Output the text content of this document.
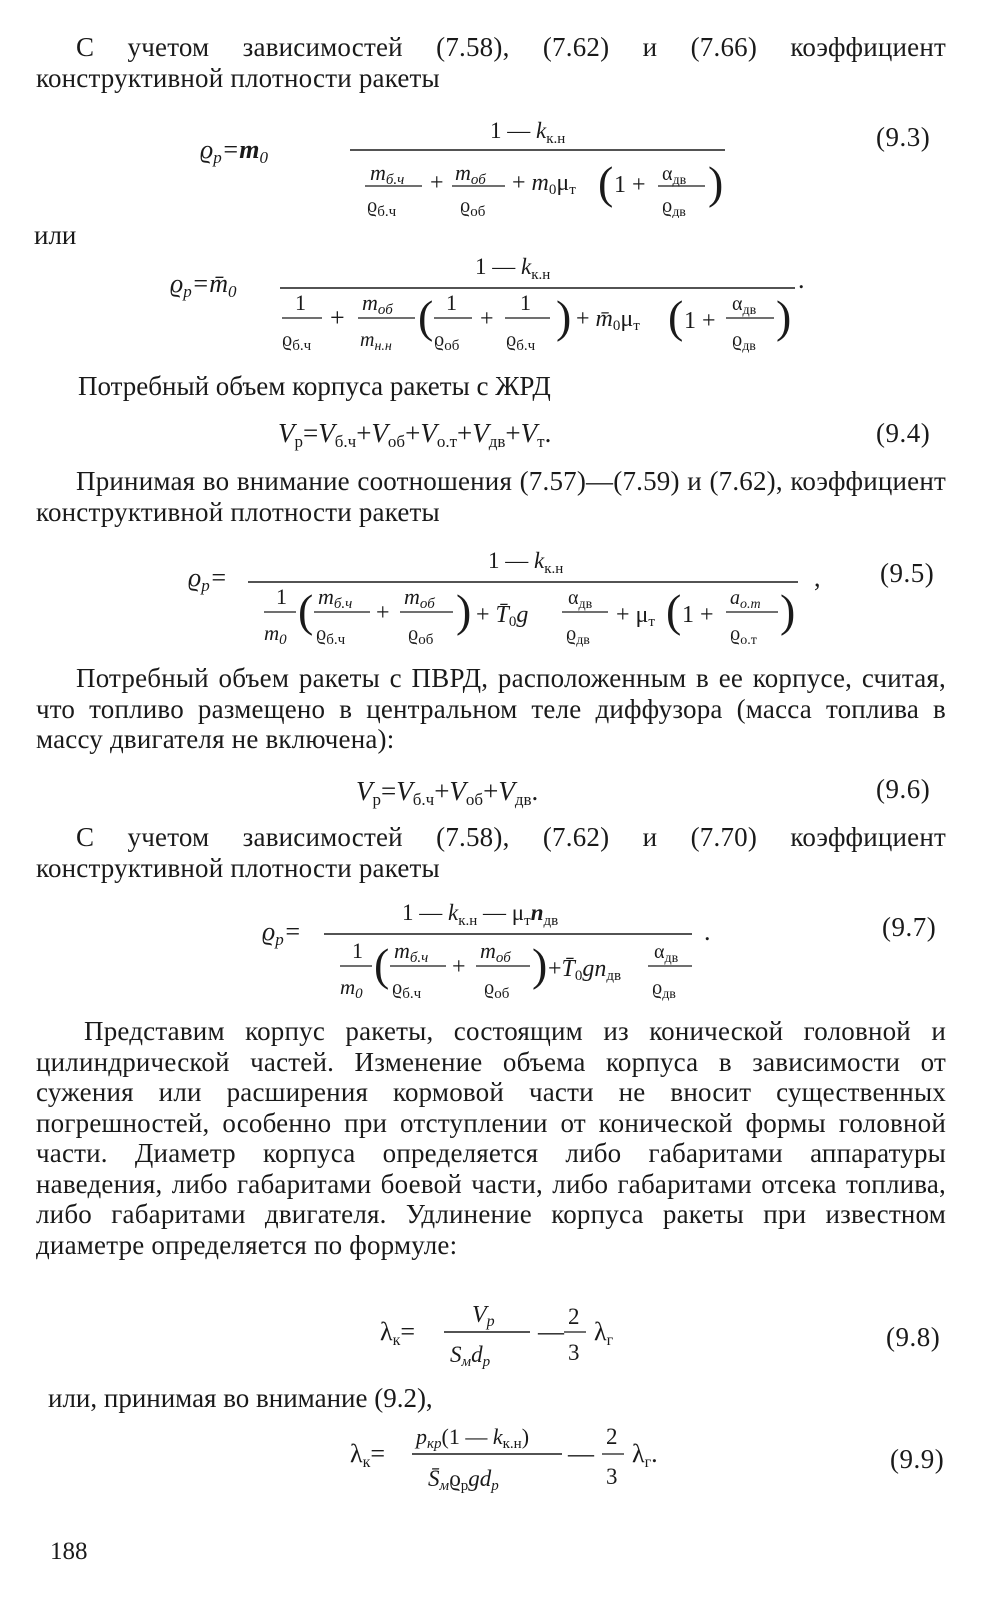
С учетом зависимостей (7.58), (7.62) и (7.66) коэффициент конструктивной плотности ракеты
ϱр=m0
1 — $k_{к.н}$
mб.ч
$ϱ_{б.ч}$
+ mоб
$ϱ_{об}$
+ m0μт ( $1 + \alpha_{дв}$
$ϱ_{дв}$
)
(9.3)
или
ϱр=m̄0
1 — $k_{к.н}$
1
$ϱ_{б.ч}$
+
mоб
$m_{н.н}$
( 1
$ϱ_{об}$
+
1
$ϱ_{б.ч}$
) + m̄0μт ( 1 +
$\alpha_{дв}$
$ϱ_{дв}$
)
.
Потребный объем корпуса ракеты с ЖРД
Vр=Vб.ч+Vоб+Vо.т+Vдв+Vт.	(9.4)
Принимая во внимание соотношения (7.57)—(7.59) и (7.62), коэффициент конструктивной плотности ракеты
ϱр=
1 — $k_{к.н}$
1
m0
( mб.ч
$ϱ_{б.ч}$
+
mоб
$ϱ_{об}$
) + T̄0g
$\alpha_{дв}$
$ϱ_{дв}$
+ μт ( 1 +
$а_{о.т}$
$ϱ_{о.т}$
)
, (9.5)
Потребный объем ракеты с ПВРД, расположенным в ее корпусе, считая, что топливо размещено в центральном теле диффузора (масса топлива в массу двигателя не включена):
Vр=Vб.ч+Vоб+Vдв.	(9.6)
С учетом зависимостей (7.58), (7.62) и (7.70) коэффициент конструктивной плотности ракеты
ϱр=
1 — $k_{к.н}$ — $\mu_тn_{дв}$
1
m0
( mб.ч
$ϱ_{б.ч}$
+
mоб
$ϱ_{об}$
) +T̄0gnдв
$\alpha_{дв}$
$ϱ_{дв}$
.	(9.7)
Представим корпус ракеты, состоящим из конической головной и цилиндрической частей. Изменение объема корпуса в зависимости от сужения или расширения кормовой части не вносит существенных погрешностей, особенно при отступлении от конической формы головной части. Диаметр корпуса определяется либо габаритами аппаратуры наведения, либо габаритами боевой части, либо габаритами отсека топлива, либо габаритами двигателя. Удлинение корпуса ракеты при известном диаметре определяется по формуле:
λк=
Vр
Sмdр
—
2
3
λг	(9.8)
или, принимая во внимание (9.2),
λк=
pкр(1 — kк.н)
S̄мϱрgdр
—
2
3
λг.	(9.9)
188
